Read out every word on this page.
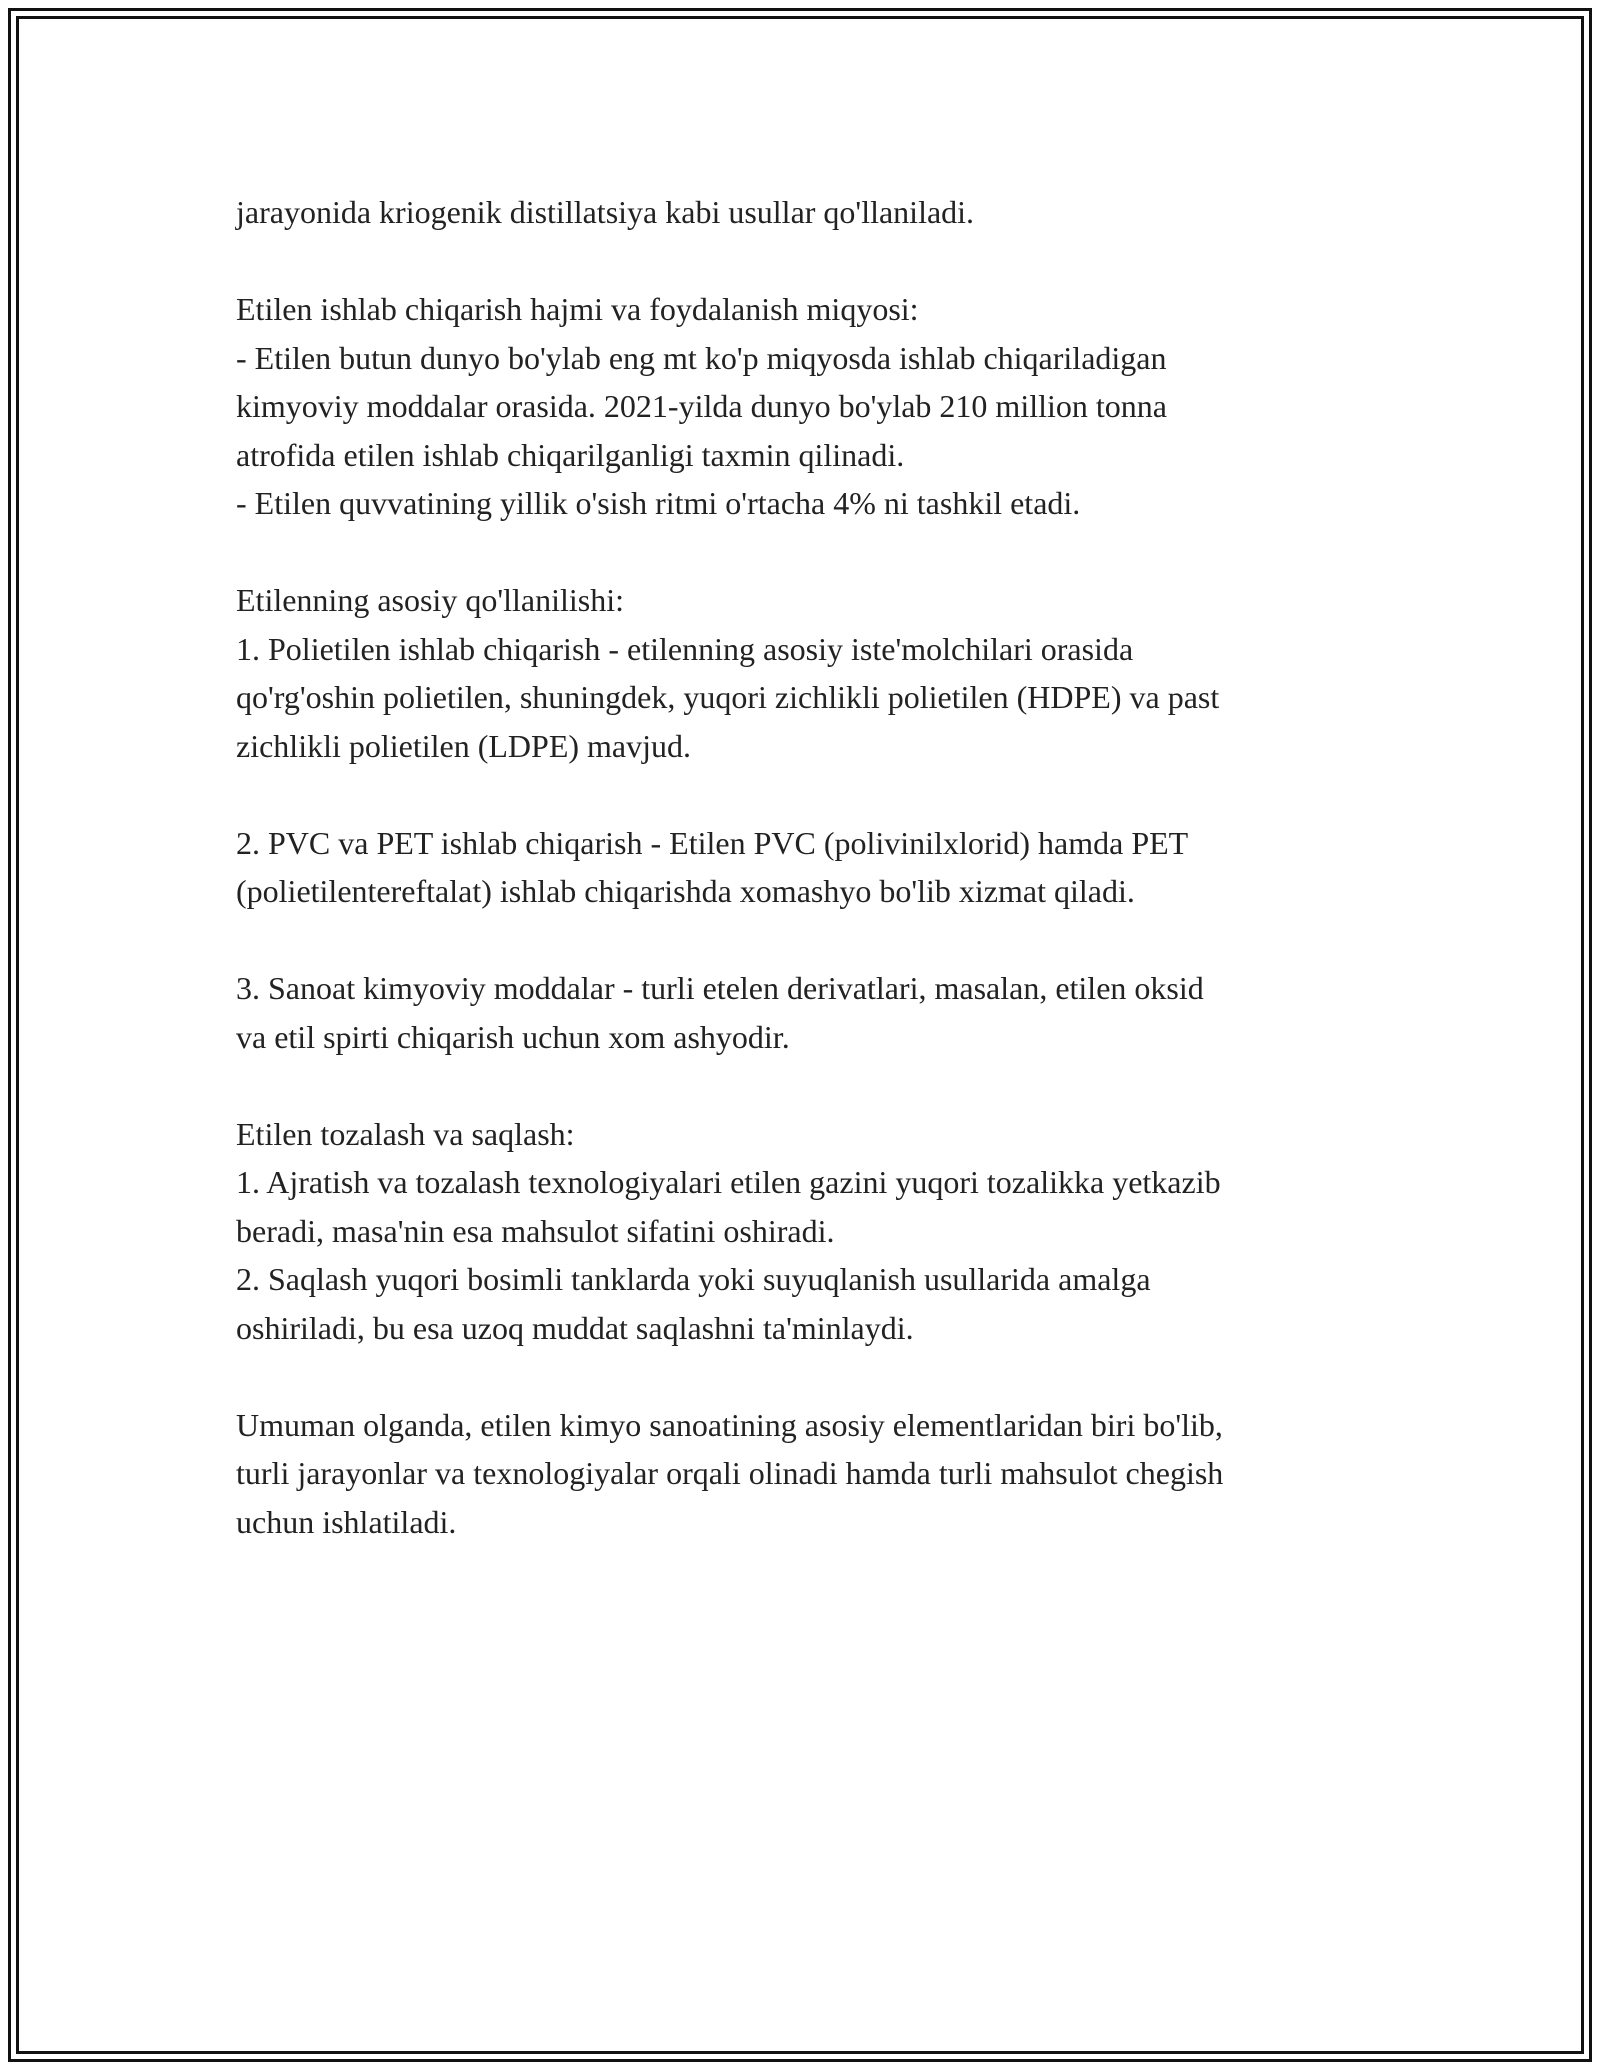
jarayonida kriogenik distillatsiya kabi usullar qo'llaniladi.
Etilen ishlab chiqarish hajmi va foydalanish miqyosi:
- Etilen butun dunyo bo'ylab eng mt ko'p miqyosda ishlab chiqariladigan
kimyoviy moddalar orasida. 2021-yilda dunyo bo'ylab 210 million tonna
atrofida etilen ishlab chiqarilganligi taxmin qilinadi.
- Etilen quvvatining yillik o'sish ritmi o'rtacha 4% ni tashkil etadi.
Etilenning asosiy qo'llanilishi:
1. Polietilen ishlab chiqarish - etilenning asosiy iste'molchilari orasida
qo'rg'oshin polietilen, shuningdek, yuqori zichlikli polietilen (HDPE) va past
zichlikli polietilen (LDPE) mavjud.
2. PVC va PET ishlab chiqarish - Etilen PVC (polivinilxlorid) hamda PET
(polietilentereftalat) ishlab chiqarishda xomashyo bo'lib xizmat qiladi.
3. Sanoat kimyoviy moddalar - turli etelen derivatlari, masalan, etilen oksid
va etil spirti chiqarish uchun xom ashyodir.
Etilen tozalash va saqlash:
1. Ajratish va tozalash texnologiyalari etilen gazini yuqori tozalikka yetkazib
beradi, masa'nin esa mahsulot sifatini oshiradi.
2. Saqlash yuqori bosimli tanklarda yoki suyuqlanish usullarida amalga
oshiriladi, bu esa uzoq muddat saqlashni ta'minlaydi.
Umuman olganda, etilen kimyo sanoatining asosiy elementlaridan biri bo'lib,
turli jarayonlar va texnologiyalar orqali olinadi hamda turli mahsulot chegish
uchun ishlatiladi.
